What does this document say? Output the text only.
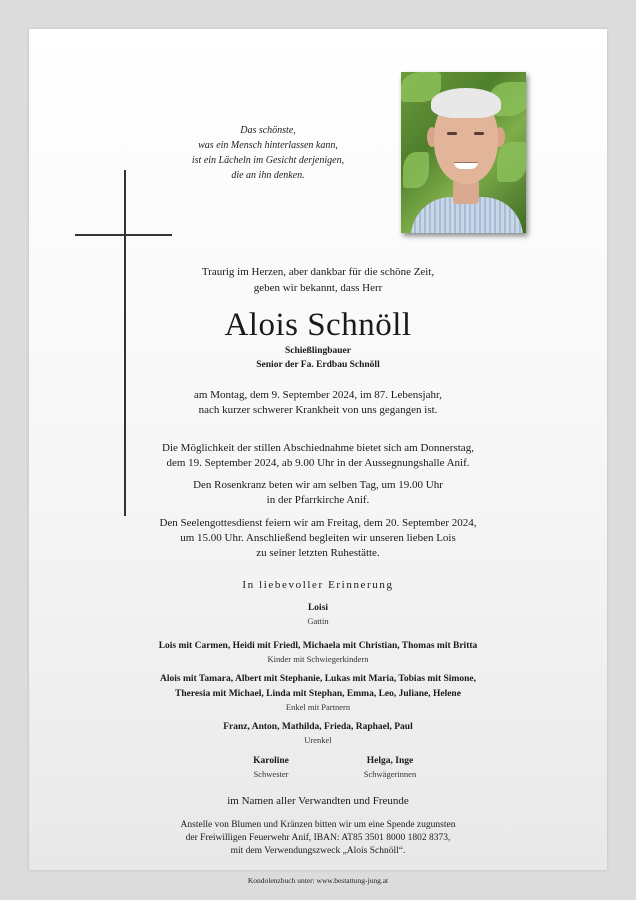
Das schönste,
was ein Mensch hinterlassen kann,
ist ein Lächeln im Gesicht derjenigen,
die an ihn denken.
Traurig im Herzen, aber dankbar für die schöne Zeit,
geben wir bekannt, dass Herr
Alois Schnöll
Schießlingbauer
Senior der Fa. Erdbau Schnöll
am Montag, dem 9. September 2024, im 87. Lebensjahr,
nach kurzer schwerer Krankheit von uns gegangen ist.
Die Möglichkeit der stillen Abschiednahme bietet sich am Donnerstag,
dem 19. September 2024, ab 9.00 Uhr in der Aussegnungshalle Anif.
Den Rosenkranz beten wir am selben Tag, um 19.00 Uhr
in der Pfarrkirche Anif.
Den Seelengottesdienst feiern wir am Freitag, dem 20. September 2024,
um 15.00 Uhr. Anschließend begleiten wir unseren lieben Lois
zu seiner letzten Ruhestätte.
In liebevoller Erinnerung
Loisi
Gattin
Lois mit Carmen, Heidi mit Friedl, Michaela mit Christian, Thomas mit Britta
Kinder mit Schwiegerkindern
Alois mit Tamara, Albert mit Stephanie, Lukas mit Maria, Tobias mit Simone,
Theresia mit Michael, Linda mit Stephan, Emma, Leo, Juliane, Helene
Enkel mit Partnern
Franz, Anton, Mathilda, Frieda, Raphael, Paul
Urenkel
Karoline
Schwester
Helga, Inge
Schwägerinnen
im Namen aller Verwandten und Freunde
Anstelle von Blumen und Kränzen bitten wir um eine Spende zugunsten
der Freiwilligen Feuerwehr Anif, IBAN: AT85 3501 8000 1802 8373,
mit dem Verwendungszweck „Alois Schnöll“.
Kondolenzbuch unter: www.bestattung-jung.at
